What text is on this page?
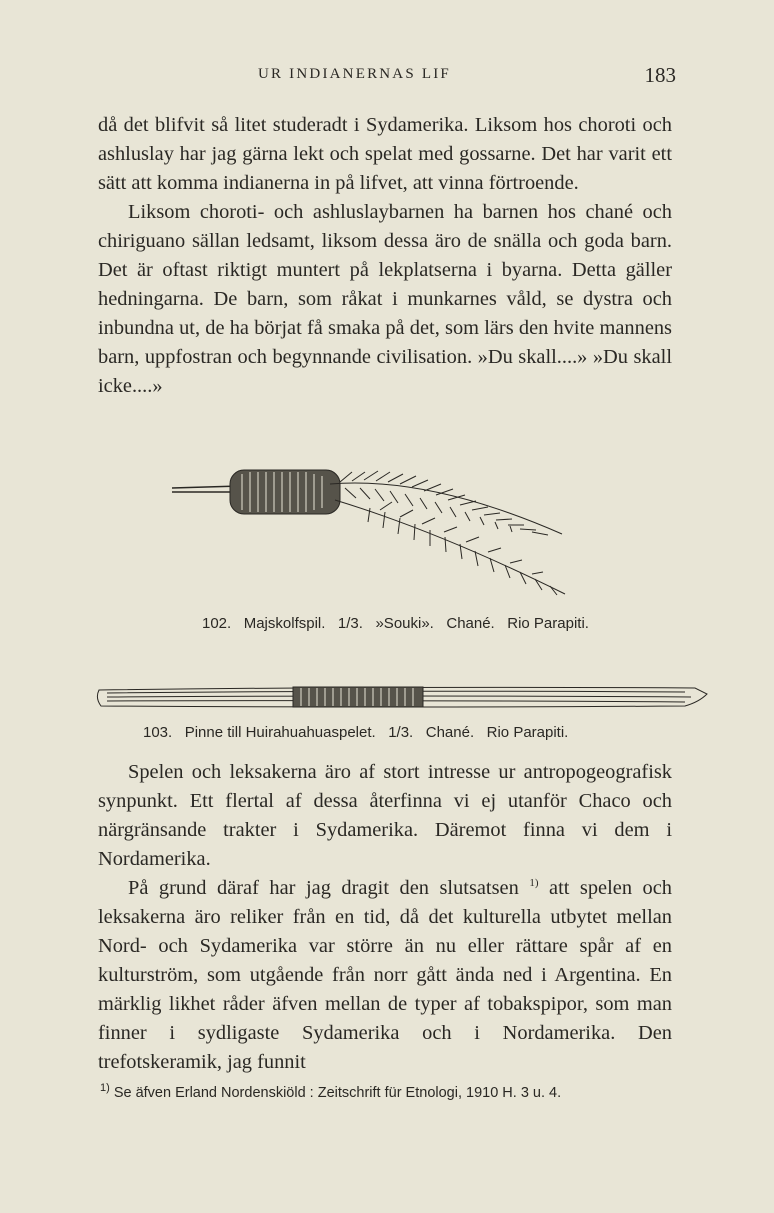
UR INDIANERNAS LIF	183

då det blifvit så litet studeradt i Sydamerika. Liksom hos choroti och ashluslay har jag gärna lekt och spelat med gossarne. Det har varit ett sätt att komma indianerna in på lifvet, att vinna förtroende.

Liksom choroti- och ashluslaybarnen ha barnen hos chané och chiriguano sällan ledsamt, liksom dessa äro de snälla och goda barn. Det är oftast riktigt muntert på lekplatserna i byarna. Detta gäller hedningarna. De barn, som råkat i munkarnes våld, se dystra och inbundna ut, de ha börjat få smaka på det, som lärs den hvite mannens barn, uppfostran och begynnande civilisation. »Du skall....» »Du skall icke....»

102. Majskolfspil. 1/3. »Souki». Chané. Rio Parapiti.
103. Pinne till Huirahuahuaspelet. 1/3. Chané. Rio Parapiti.

Spelen och leksakerna äro af stort intresse ur antropogeografisk synpunkt. Ett flertal af dessa återfinna vi ej utanför Chaco och närgränsande trakter i Sydamerika. Däremot finna vi dem i Nordamerika.

På grund däraf har jag dragit den slutsatsen $^{1)}$ att spelen och leksakerna äro reliker från en tid, då det kulturella utbytet mellan Nord- och Sydamerika var större än nu eller rättare spår af en kulturström, som utgående från norr gått ända ned i Argentina. En märklig likhet råder äfven mellan de typer af tobakspipor, som man finner i sydligaste Sydamerika och i Nordamerika. Den trefotskeramik, jag funnit

$^{1)}$ Se äfven Erland Nordenskiöld : Zeitschrift für Etnologi, 1910 H. 3 u. 4.
